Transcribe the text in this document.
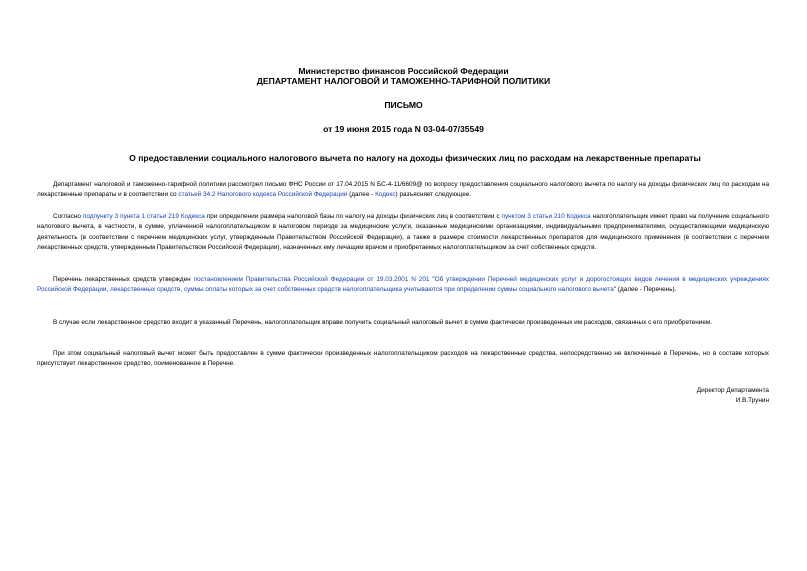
Министерство финансов Российской Федерации
ДЕПАРТАМЕНТ НАЛОГОВОЙ И ТАМОЖЕННО-ТАРИФНОЙ ПОЛИТИКИ
ПИСЬМО
от 19 июня 2015 года N 03-04-07/35549
О предоставлении социального налогового вычета по налогу на доходы физических лиц по расходам на лекарственные препараты
Департамент налоговой и таможенно-тарифной политики рассмотрел письмо ФНС России от 17.04.2015 N БС-4-11/6609@ по вопросу предоставления социального налогового вычета по налогу на доходы физических лиц по расходам на лекарственные препараты и в соответствии со статьей 34.2 Налогового кодекса Российской Федерации (далее - Кодекс) разъясняет следующее.
Согласно подпункту 3 пункта 1 статьи 219 Кодекса при определении размера налоговой базы по налогу на доходы физических лиц в соответствии с пунктом 3 статьи 210 Кодекса налогоплательщик имеет право на получение социального налогового вычета, в частности, в сумме, уплаченной налогоплательщиком в налоговом периоде за медицинские услуги, оказанные медицинскими организациями, индивидуальными предпринимателями, осуществляющими медицинскую деятельность (в соответствии с перечнем медицинских услуг, утвержденным Правительством Российской Федерации), а также в размере стоимости лекарственных препаратов для медицинского применения (в соответствии с перечнем лекарственных средств, утвержденным Правительством Российской Федерации), назначенных ему лечащим врачом и приобретаемых налогоплательщиком за счет собственных средств.
Перечень лекарственных средств утвержден постановлением Правительства Российской Федерации от 19.03.2001 N 201 "Об утверждении Перечней медицинских услуг и дорогостоящих видов лечения в медицинских учреждениях Российской Федерации, лекарственных средств, суммы оплаты которых за счет собственных средств налогоплательщика учитываются при определении суммы социального налогового вычета" (далее - Перечень).
В случае если лекарственное средство входит в указанный Перечень, налогоплательщик вправе получить социальный налоговый вычет в сумме фактически произведенных им расходов, связанных с его приобретением.
При этом социальный налоговый вычет может быть предоставлен в сумме фактически произведенных налогоплательщиком расходов на лекарственные средства, непосредственно не включенные в Перечень, но в составе которых присутствует лекарственное средство, поименованное в Перечне.
Директор Департамента
И.В.Трунин
